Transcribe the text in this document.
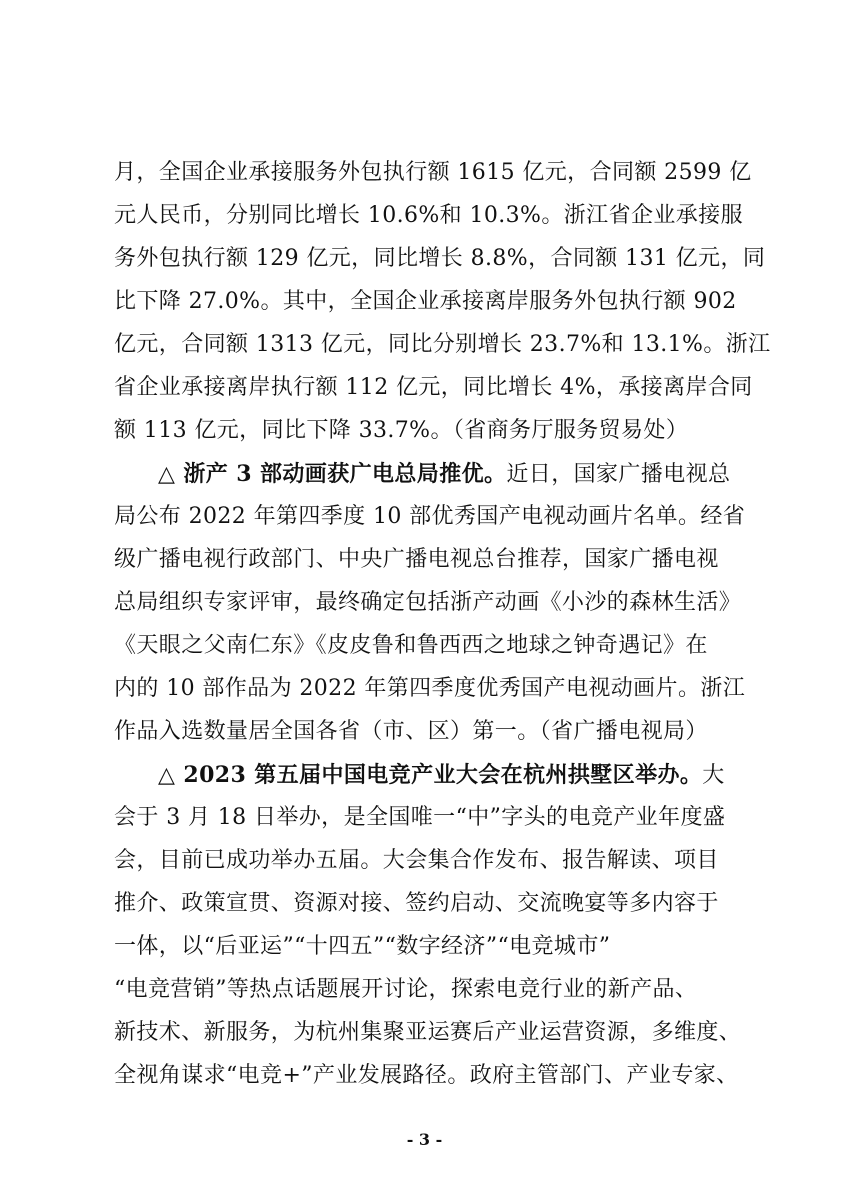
月，全国企业承接服务外包执行额 1615 亿元，合同额 2599 亿
元人民币，分别同比增长 10.6%和 10.3%。浙江省企业承接服
务外包执行额 129 亿元，同比增长 8.8%，合同额 131 亿元，同
比下降 27.0%。其中，全国企业承接离岸服务外包执行额 902
亿元，合同额 1313 亿元，同比分别增长 23.7%和 13.1%。浙江
省企业承接离岸执行额 112 亿元，同比增长 4%，承接离岸合同
额 113 亿元，同比下降 33.7%。（省商务厅服务贸易处）
△ 浙产 3 部动画获广电总局推优。近日，国家广播电视总
局公布 2022 年第四季度 10 部优秀国产电视动画片名单。经省
级广播电视行政部门、中央广播电视总台推荐，国家广播电视
总局组织专家评审，最终确定包括浙产动画《小沙的森林生活》
《天眼之父南仁东》《皮皮鲁和鲁西西之地球之钟奇遇记》在
内的 10 部作品为 2022 年第四季度优秀国产电视动画片。浙江
作品入选数量居全国各省（市、区）第一。（省广播电视局）
△ 2023 第五届中国电竞产业大会在杭州拱墅区举办。大
会于 3 月 18 日举办，是全国唯一“中”字头的电竞产业年度盛
会，目前已成功举办五届。大会集合作发布、报告解读、项目
推介、政策宣贯、资源对接、签约启动、交流晚宴等多内容于
一体，以“后亚运”“十四五”“数字经济”“电竞城市”
“电竞营销”等热点话题展开讨论，探索电竞行业的新产品、
新技术、新服务，为杭州集聚亚运赛后产业运营资源，多维度、
全视角谋求“电竞+”产业发展路径。政府主管部门、产业专家、
- 3 -
